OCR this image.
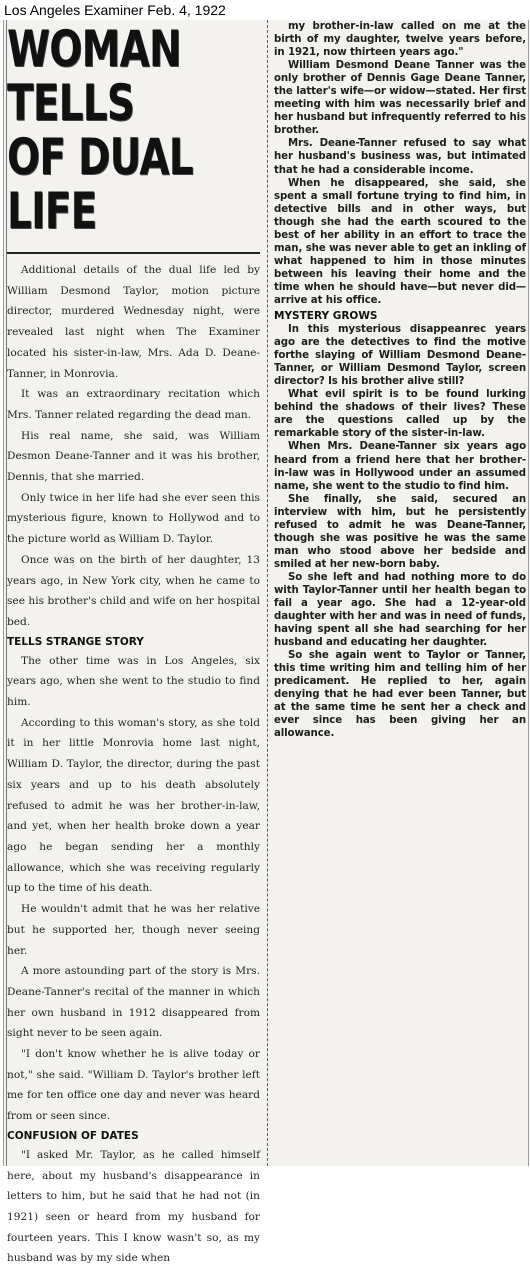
Los Angeles Examiner Feb. 4, 1922
WOMAN TELLS
OF DUAL LIFE

Additional details of the dual life led by William Desmond Taylor, motion picture director, murdered Wednesday night, were revealed last night when The Examiner located his sister-in-law, Mrs. Ada D. Deane-Tanner, in Monrovia.

It was an extraordinary recitation which Mrs. Tanner related regarding the dead man.

His real name, she said, was William Desmon Deane-Tanner and it was his brother, Dennis, that she married.

Only twice in her life had she ever seen this mysterious figure, known to Hollywod and to the picture world as William D. Taylor.

Once was on the birth of her daughter, 13 years ago, in New York city, when he came to see his brother's child and wife on her hospital bed.

TELLS STRANGE STORY

The other time was in Los Angeles, six years ago, when she went to the studio to find him.

According to this woman's story, as she told it in her little Monrovia home last night, William D. Taylor, the director, during the past six years and up to his death absolutely refused to admit he was her brother-in-law, and yet, when her health broke down a year ago he began sending her a monthly allowance, which she was receiving regularly up to the time of his death.

He wouldn't admit that he was her relative but he supported her, though never seeing her.

A more astounding part of the story is Mrs. Deane-Tanner's recital of the manner in which her own husband in 1912 disappeared from sight never to be seen again.

"I don't know whether he is alive today or not," she said. "William D. Taylor's brother left me for ten office one day and never was heard from or seen since.

CONFUSION OF DATES

"I asked Mr. Taylor, as he called himself here, about my husband's disappearance in letters to him, but he said that he had not (in 1921) seen or heard from my husband for fourteen years. This I know wasn't so, as my husband was by my side when

my brother-in-law called on me at the birth of my daughter, twelve years before, in 1921, now thirteen years ago."

William Desmond Deane Tanner was the only brother of Dennis Gage Deane Tanner, the latter's wife—or widow—stated. Her first meeting with him was necessarily brief and her husband but infrequently referred to his brother.

Mrs. Deane-Tanner refused to say what her husband's business was, but intimated that he had a considerable income.

When he disappeared, she said, she spent a small fortune trying to find him, in detective bills and in other ways, but though she had the earth scoured to the best of her ability in an effort to trace the man, she was never able to get an inkling of what happened to him in those minutes between his leaving their home and the time when he should have—but never did—arrive at his office.

MYSTERY GROWS

In this mysterious disappeanrec years ago are the detectives to find the motive forthe slaying of William Desmond Deane-Tanner, or William Desmond Taylor, screen director? Is his brother alive still?

What evil spirit is to be found lurking behind the shadows of their lives? These are the questions called up by the remarkable story of the sister-in-law.

When Mrs. Deane-Tanner six years ago heard from a friend here that her brother-in-law was in Hollywood under an assumed name, she went to the studio to find him.

She finally, she said, secured an interview with him, but he persistently refused to admit he was Deane-Tanner, though she was positive he was the same man who stood above her bedside and smiled at her new-born baby.

So she left and had nothing more to do with Taylor-Tanner until her health began to fail a year ago. She had a 12-year-old daughter with her and was in need of funds, having spent all she had searching for her husband and educating her daughter.

So she again went to Taylor or Tanner, this time writing him and telling him of her predicament. He replied to her, again denying that he had ever been Tanner, but at the same time he sent her a check and ever since has been giving her an allowance.
